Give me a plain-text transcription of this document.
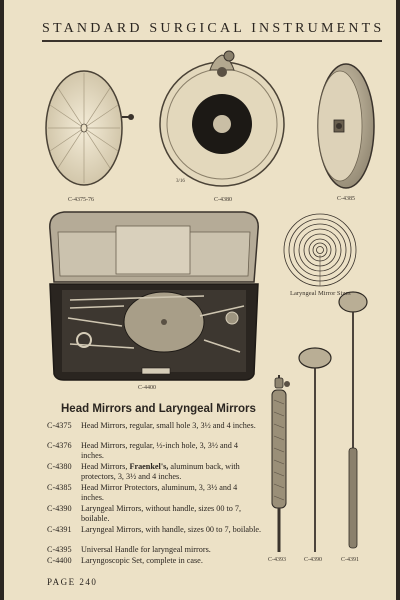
STANDARD SURGICAL INSTRUMENTS
3/16
C-4375-76	C-4380	C-4385
C-4400
Laryngeal Mirror Sizes
C-4393	C-4390	C-4391
Head Mirrors and Laryngeal Mirrors
C-4375	Head Mirrors, regular, small hole 3, 3½ and 4 inches.
C-4376	Head Mirrors, regular, ½-inch hole, 3, 3½ and 4 inches.
C-4380	Head Mirrors, Fraenkel's, aluminum back, with protectors, 3, 3½ and 4 inches.
C-4385	Head Mirror Protectors, aluminum, 3, 3½ and 4 inches.
C-4390	Laryngeal Mirrors, without handle, sizes 00 to 7, boilable.
C-4391	Laryngeal Mirrors, with handle, sizes 00 to 7, boilable.
C-4395	Universal Handle for laryngeal mirrors.
C-4400	Laryngoscopic Set, complete in case.
PAGE 240
